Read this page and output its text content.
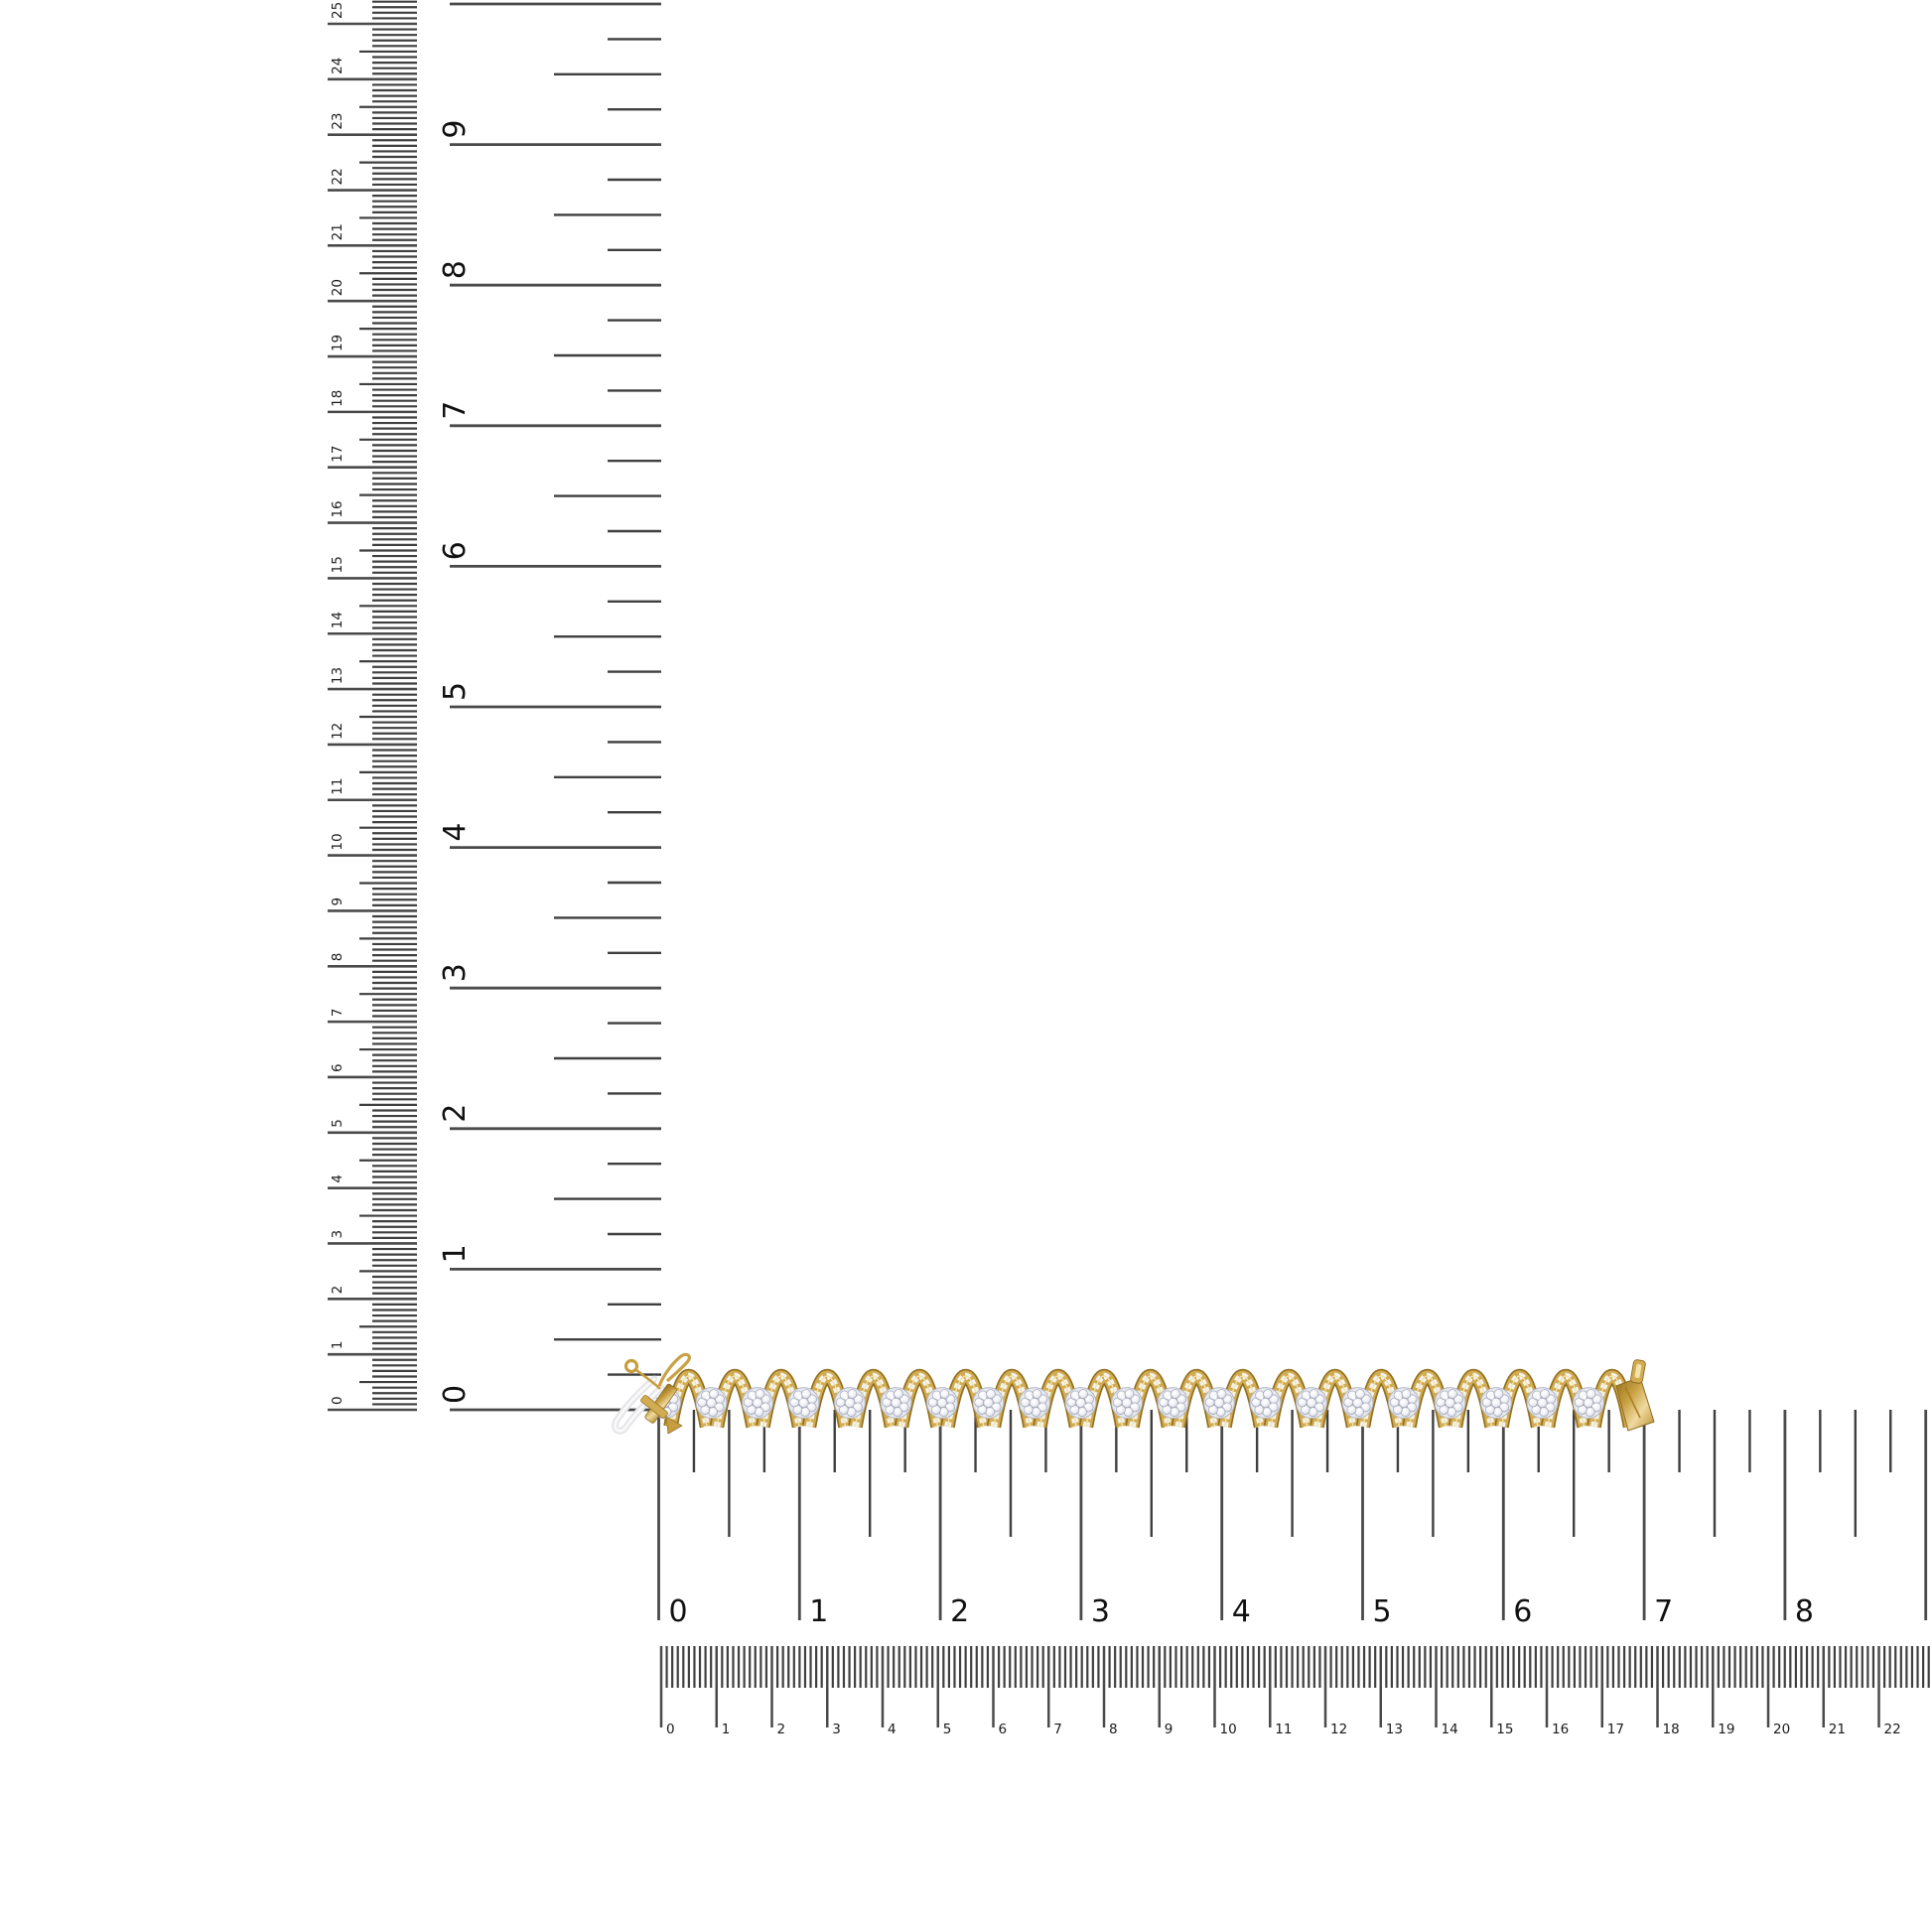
0
1
2
3
4
5
6
7
8
9
10
11
12
13
14
15
16
17
18
19
20
21
22
23
24
25
0
1
2
3
4
5
6
7
8
9
0	1	2	3	4	5	6	7	8
0	1	2	3	4	5	6	7	8	9	10	11	12	13	14	15	16	17	18	19	20	21	22
